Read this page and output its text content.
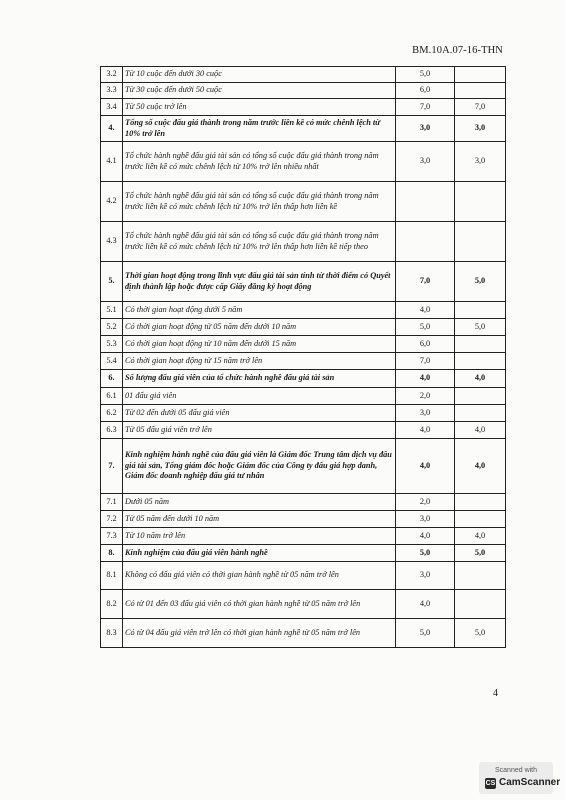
BM.10A.07-16-THN
3.2	Từ 10 cuộc đến dưới 30 cuộc	5,0	
3.3	Từ 30 cuộc đến dưới 50 cuộc	6,0	
3.4	Từ 50 cuộc trở lên	7,0	7,0
4.	Tổng số cuộc đấu giá thành trong năm trước liền kề có mức chênh lệch từ 10% trở lên	3,0	3,0
4.1	Tổ chức hành nghề đấu giá tài sản có tổng số cuộc đấu giá thành trong năm trước liền kề có mức chênh lệch từ 10% trở lên nhiều nhất	3,0	3,0
4.2	Tổ chức hành nghề đấu giá tài sản có tổng số cuộc đấu giá thành trong năm trước liền kề có mức chênh lệch từ 10% trở lên thấp hơn liền kề		
4.3	Tổ chức hành nghề đấu giá tài sản có tổng số cuộc đấu giá thành trong năm trước liền kề có mức chênh lệch từ 10% trở lên thấp hơn liền kề tiếp theo		
5.	Thời gian hoạt động trong lĩnh vực đấu giá tài sản tính từ thời điểm có Quyết định thành lập hoặc được cấp Giấy đăng ký hoạt động	7,0	5,0
5.1	Có thời gian hoạt động dưới 5 năm	4,0	
5.2	Có thời gian hoạt động từ 05 năm đến dưới 10 năm	5,0	5,0
5.3	Có thời gian hoạt động từ 10 năm đến dưới 15 năm	6,0	
5.4	Có thời gian hoạt động từ 15 năm trở lên	7,0	
6.	Số lượng đấu giá viên của tổ chức hành nghề đấu giá tài sản	4,0	4,0
6.1	01 đấu giá viên	2,0	
6.2	Từ 02 đến dưới 05 đấu giá viên	3,0	
6.3	Từ 05 đấu giá viên trở lên	4,0	4,0
7.	Kinh nghiệm hành nghề của đấu giá viên là Giám đốc Trung tâm dịch vụ đấu giá tài sản, Tổng giám đốc hoặc Giám đốc của Công ty đấu giá hợp danh, Giám đốc doanh nghiệp đấu giá tư nhân	4,0	4,0
7.1	Dưới 05 năm	2,0	
7.2	Từ 05 năm đến dưới 10 năm	3,0	
7.3	Từ 10 năm trở lên	4,0	4,0
8.	Kinh nghiệm của đấu giá viên hành nghề	5,0	5,0
8.1	Không có đấu giá viên có thời gian hành nghề từ 05 năm trở lên	3,0	
8.2	Có từ 01 đến 03 đấu giá viên có thời gian hành nghề từ 05 năm trở lên	4,0	
8.3	Có từ 04 đấu giá viên trở lên có thời gian hành nghề từ 05 năm trở lên	5,0	5,0
4
Scanned with
CS CamScanner
